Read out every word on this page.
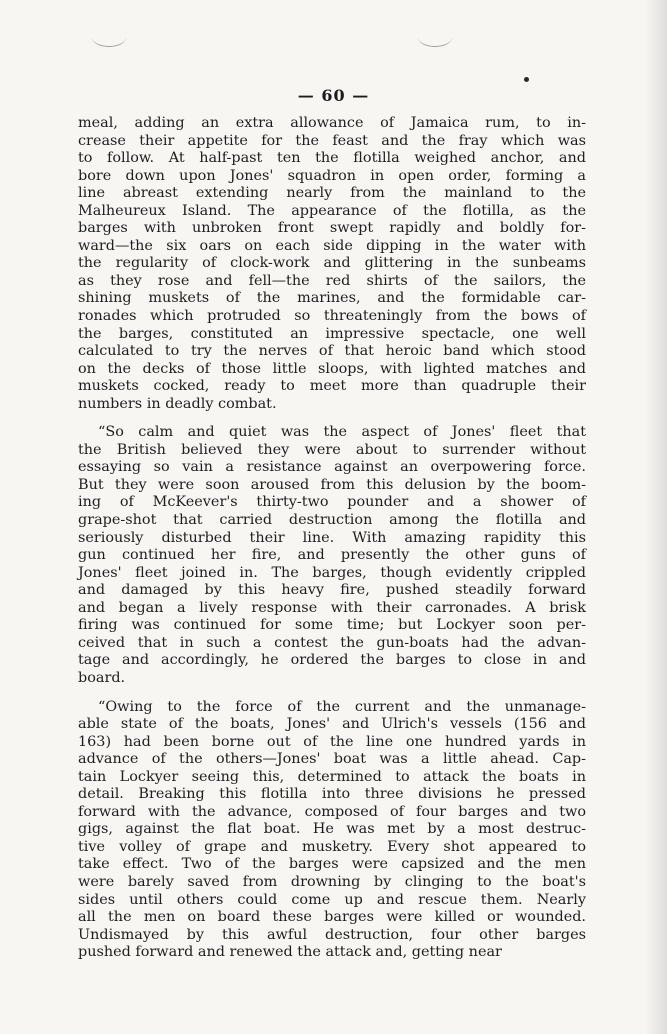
— 60 —
meal, adding an extra allowance of Jamaica rum, to in-
crease their appetite for the feast and the fray which was
to follow. At half-past ten the flotilla weighed anchor, and
bore down upon Jones' squadron in open order, forming a
line abreast extending nearly from the mainland to the
Malheureux Island. The appearance of the flotilla, as the
barges with unbroken front swept rapidly and boldly for-
ward—the six oars on each side dipping in the water with
the regularity of clock-work and glittering in the sunbeams
as they rose and fell—the red shirts of the sailors, the
shining muskets of the marines, and the formidable car-
ronades which protruded so threateningly from the bows of
the barges, constituted an impressive spectacle, one well
calculated to try the nerves of that heroic band which stood
on the decks of those little sloops, with lighted matches and
muskets cocked, ready to meet more than quadruple their
numbers in deadly combat.
“So calm and quiet was the aspect of Jones' fleet that
the British believed they were about to surrender without
essaying so vain a resistance against an overpowering force.
But they were soon aroused from this delusion by the boom-
ing of McKeever's thirty-two pounder and a shower of
grape-shot that carried destruction among the flotilla and
seriously disturbed their line. With amazing rapidity this
gun continued her fire, and presently the other guns of
Jones' fleet joined in. The barges, though evidently crippled
and damaged by this heavy fire, pushed steadily forward
and began a lively response with their carronades. A brisk
firing was continued for some time; but Lockyer soon per-
ceived that in such a contest the gun-boats had the advan-
tage and accordingly, he ordered the barges to close in and
board.
“Owing to the force of the current and the unmanage-
able state of the boats, Jones' and Ulrich's vessels (156 and
163) had been borne out of the line one hundred yards in
advance of the others—Jones' boat was a little ahead. Cap-
tain Lockyer seeing this, determined to attack the boats in
detail. Breaking this flotilla into three divisions he pressed
forward with the advance, composed of four barges and two
gigs, against the flat boat. He was met by a most destruc-
tive volley of grape and musketry. Every shot appeared to
take effect. Two of the barges were capsized and the men
were barely saved from drowning by clinging to the boat's
sides until others could come up and rescue them. Nearly
all the men on board these barges were killed or wounded.
Undismayed by this awful destruction, four other barges
pushed forward and renewed the attack and, getting near
